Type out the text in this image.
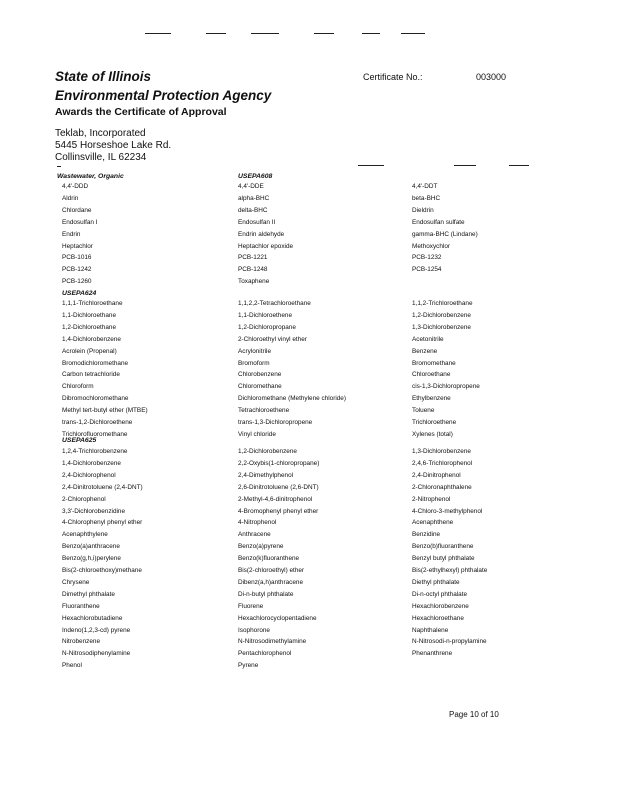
State of Illinois
Environmental Protection Agency
Awards the Certificate of Approval
Certificate No.:	003000
Teklab, Incorporated
5445 Horseshoe Lake Rd.
Collinsville, IL 62234
Wastewater, Organic	USEPA608
4,4'-DDD	4,4'-DDE	4,4'-DDT
Aldrin	alpha-BHC	beta-BHC
Chlordane	delta-BHC	Dieldrin
Endosulfan I	Endosulfan II	Endosulfan sulfate
Endrin	Endrin aldehyde	gamma-BHC (Lindane)
Heptachlor	Heptachlor epoxide	Methoxychlor
PCB-1016	PCB-1221	PCB-1232
PCB-1242	PCB-1248	PCB-1254
PCB-1260	Toxaphene
USEPA624
1,1,1-Trichloroethane	1,1,2,2-Tetrachloroethane	1,1,2-Trichloroethane
1,1-Dichloroethane	1,1-Dichloroethene	1,2-Dichlorobenzene
1,2-Dichloroethane	1,2-Dichloropropane	1,3-Dichlorobenzene
1,4-Dichlorobenzene	2-Chloroethyl vinyl ether	Acetonitrile
Acrolein (Propenal)	Acrylonitrile	Benzene
Bromodichloromethane	Bromoform	Bromomethane
Carbon tetrachloride	Chlorobenzene	Chloroethane
Chloroform	Chloromethane	cis-1,3-Dichloropropene
Dibromochloromethane	Dichloromethane (Methylene chloride)	Ethylbenzene
Methyl tert-butyl ether (MTBE)	Tetrachloroethene	Toluene
trans-1,2-Dichloroethene	trans-1,3-Dichloropropene	Trichloroethene
Trichlorofluoromethane	Vinyl chloride	Xylenes (total)
USEPA625
1,2,4-Trichlorobenzene	1,2-Dichlorobenzene	1,3-Dichlorobenzene
1,4-Dichlorobenzene	2,2-Oxybis(1-chloropropane)	2,4,6-Trichlorophenol
2,4-Dichlorophenol	2,4-Dimethylphenol	2,4-Dinitrophenol
2,4-Dinitrotoluene (2,4-DNT)	2,6-Dinitrotoluene (2,6-DNT)	2-Chloronaphthalene
2-Chlorophenol	2-Methyl-4,6-dinitrophenol	2-Nitrophenol
3,3'-Dichlorobenzidine	4-Bromophenyl phenyl ether	4-Chloro-3-methylphenol
4-Chlorophenyl phenyl ether	4-Nitrophenol	Acenaphthene
Acenaphthylene	Anthracene	Benzidine
Benzo(a)anthracene	Benzo(a)pyrene	Benzo(b)fluoranthene
Benzo(g,h,i)perylene	Benzo(k)fluoranthene	Benzyl butyl phthalate
Bis(2-chloroethoxy)methane	Bis(2-chloroethyl) ether	Bis(2-ethylhexyl) phthalate
Chrysene	Dibenz(a,h)anthracene	Diethyl phthalate
Dimethyl phthalate	Di-n-butyl phthalate	Di-n-octyl phthalate
Fluoranthene	Fluorene	Hexachlorobenzene
Hexachlorobutadiene	Hexachlorocyclopentadiene	Hexachloroethane
Indeno(1,2,3-cd) pyrene	Isophorone	Naphthalene
Nitrobenzene	N-Nitrosodimethylamine	N-Nitrosodi-n-propylamine
N-Nitrosodiphenylamine	Pentachlorophenol	Phenanthrene
Phenol	Pyrene
Page 10 of 10
